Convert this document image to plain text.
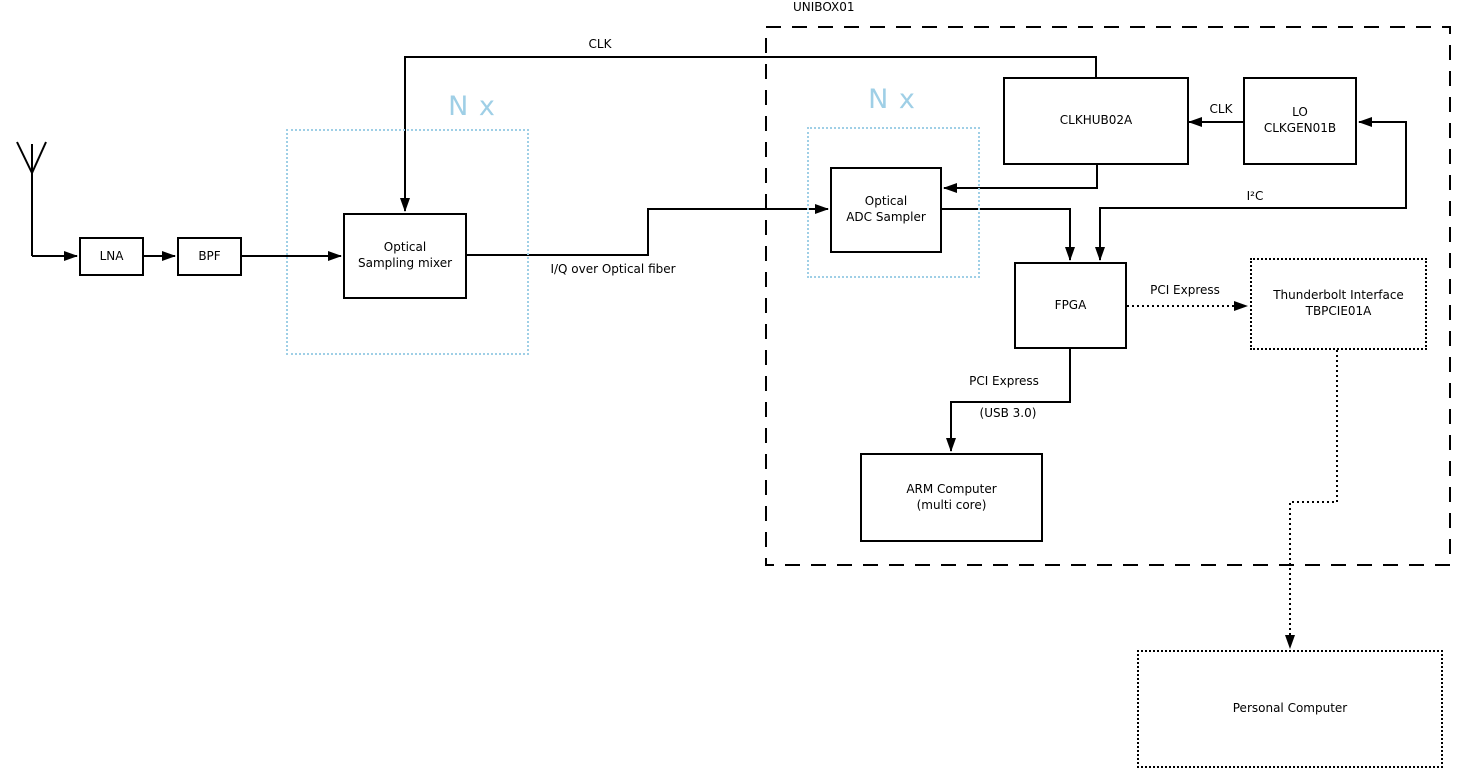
UNIBOX01
N x	N x
LNA	BPF
Optical
Sampling mixer
Optical
ADC Sampler
CLKHUB02A
LO
CLKGEN01B
FPGA
Thunderbolt Interface
TBPCIE01A
ARM Computer
(multi core)
Personal Computer
CLK
I/Q over Optical fiber
CLK
I²C
PCI Express
PCI Express
(USB 3.0)
